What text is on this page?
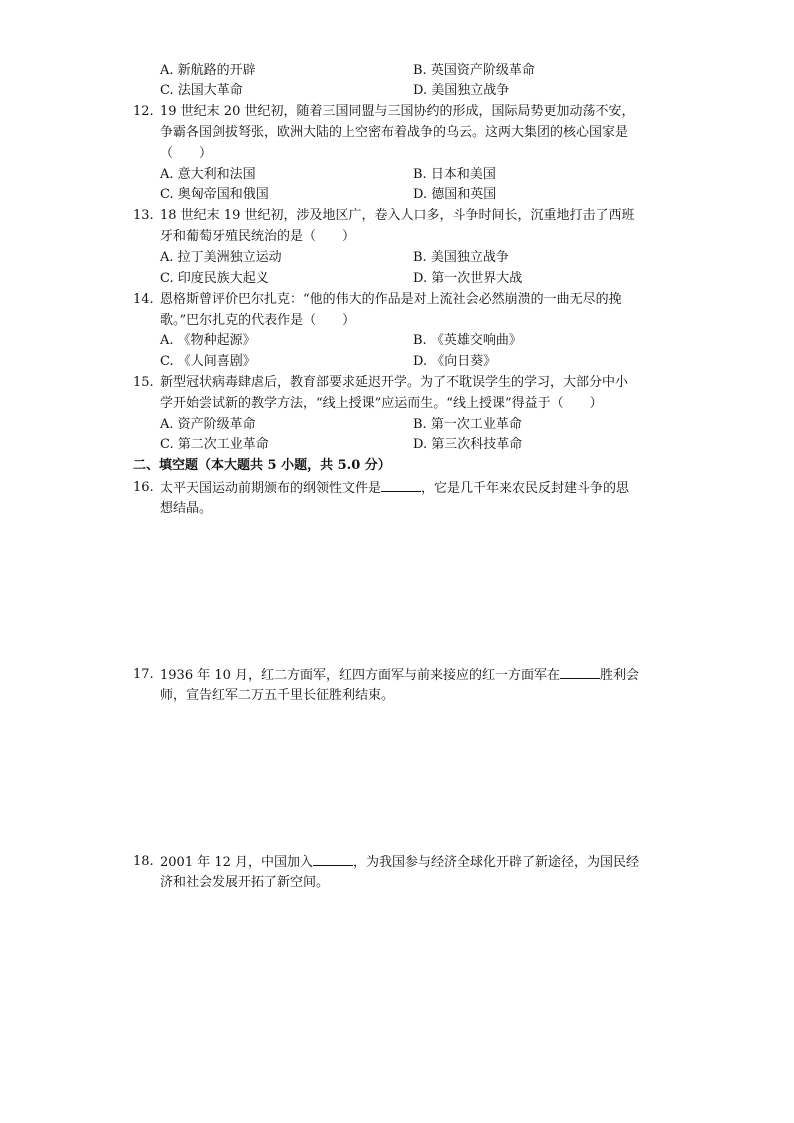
A. 新航路的开辟	B. 英国资产阶级革命
C. 法国大革命	D. 美国独立战争
12. 19 世纪末 20 世纪初，随着三国同盟与三国协约的形成，国际局势更加动荡不安，
争霸各国剑拔弩张，欧洲大陆的上空密布着战争的乌云。这两大集团的核心国家是
（　　）
A. 意大利和法国	B. 日本和美国
C. 奥匈帝国和俄国	D. 德国和英国
13. 18 世纪末 19 世纪初，涉及地区广，卷入人口多，斗争时间长，沉重地打击了西班
牙和葡萄牙殖民统治的是（　　）
A. 拉丁美洲独立运动	B. 美国独立战争
C. 印度民族大起义	D. 第一次世界大战
14. 恩格斯曾评价巴尔扎克：“他的伟大的作品是对上流社会必然崩溃的一曲无尽的挽
歌。”巴尔扎克的代表作是（　　）
A. 《物种起源》	B. 《英雄交响曲》
C. 《人间喜剧》	D. 《向日葵》
15. 新型冠状病毒肆虐后，教育部要求延迟开学。为了不耽误学生的学习，大部分中小
学开始尝试新的教学方法，“线上授课”应运而生。“线上授课”得益于（　　）
A. 资产阶级革命	B. 第一次工业革命
C. 第二次工业革命	D. 第三次科技革命
二、填空题（本大题共 5 小题，共 5.0 分）
16. 太平天国运动前期颁布的纲领性文件是	，它是几千年来农民反封建斗争的思
想结晶。
17. 1936 年 10 月，红二方面军，红四方面军与前来接应的红一方面军在	胜利会
师，宣告红军二万五千里长征胜利结束。
18. 2001 年 12 月，中国加入	，为我国参与经济全球化开辟了新途径，为国民经
济和社会发展开拓了新空间。
